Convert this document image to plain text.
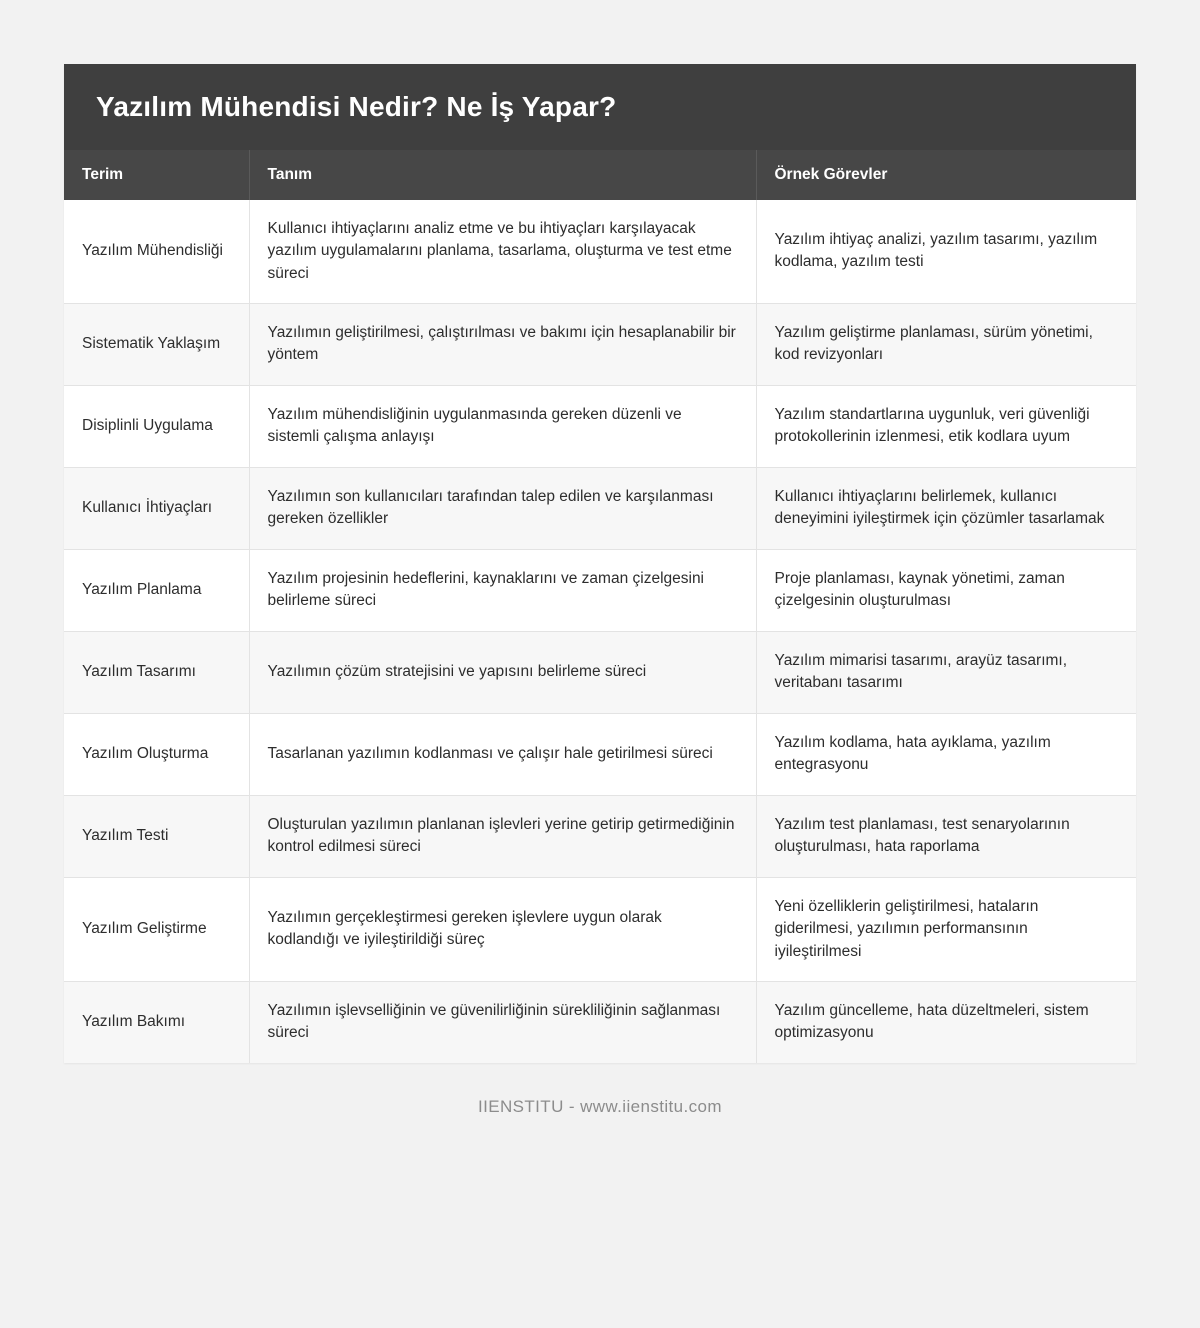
Yazılım Mühendisi Nedir? Ne İş Yapar?
Terim	Tanım	Örnek Görevler
Yazılım Mühendisliği	Kullanıcı ihtiyaçlarını analiz etme ve bu ihtiyaçları karşılayacak yazılım uygulamalarını planlama, tasarlama, oluşturma ve test etme süreci	Yazılım ihtiyaç analizi, yazılım tasarımı, yazılım kodlama, yazılım testi
Sistematik Yaklaşım	Yazılımın geliştirilmesi, çalıştırılması ve bakımı için hesaplanabilir bir yöntem	Yazılım geliştirme planlaması, sürüm yönetimi, kod revizyonları
Disiplinli Uygulama	Yazılım mühendisliğinin uygulanmasında gereken düzenli ve sistemli çalışma anlayışı	Yazılım standartlarına uygunluk, veri güvenliği protokollerinin izlenmesi, etik kodlara uyum
Kullanıcı İhtiyaçları	Yazılımın son kullanıcıları tarafından talep edilen ve karşılanması gereken özellikler	Kullanıcı ihtiyaçlarını belirlemek, kullanıcı deneyimini iyileştirmek için çözümler tasarlamak
Yazılım Planlama	Yazılım projesinin hedeflerini, kaynaklarını ve zaman çizelgesini belirleme süreci	Proje planlaması, kaynak yönetimi, zaman çizelgesinin oluşturulması
Yazılım Tasarımı	Yazılımın çözüm stratejisini ve yapısını belirleme süreci	Yazılım mimarisi tasarımı, arayüz tasarımı, veritabanı tasarımı
Yazılım Oluşturma	Tasarlanan yazılımın kodlanması ve çalışır hale getirilmesi süreci	Yazılım kodlama, hata ayıklama, yazılım entegrasyonu
Yazılım Testi	Oluşturulan yazılımın planlanan işlevleri yerine getirip getirmediğinin kontrol edilmesi süreci	Yazılım test planlaması, test senaryolarının oluşturulması, hata raporlama
Yazılım Geliştirme	Yazılımın gerçekleştirmesi gereken işlevlere uygun olarak kodlandığı ve iyileştirildiği süreç	Yeni özelliklerin geliştirilmesi, hataların giderilmesi, yazılımın performansının iyileştirilmesi
Yazılım Bakımı	Yazılımın işlevselliğinin ve güvenilirliğinin sürekliliğinin sağlanması süreci	Yazılım güncelleme, hata düzeltmeleri, sistem optimizasyonu
IIENSTITU - www.iienstitu.com
